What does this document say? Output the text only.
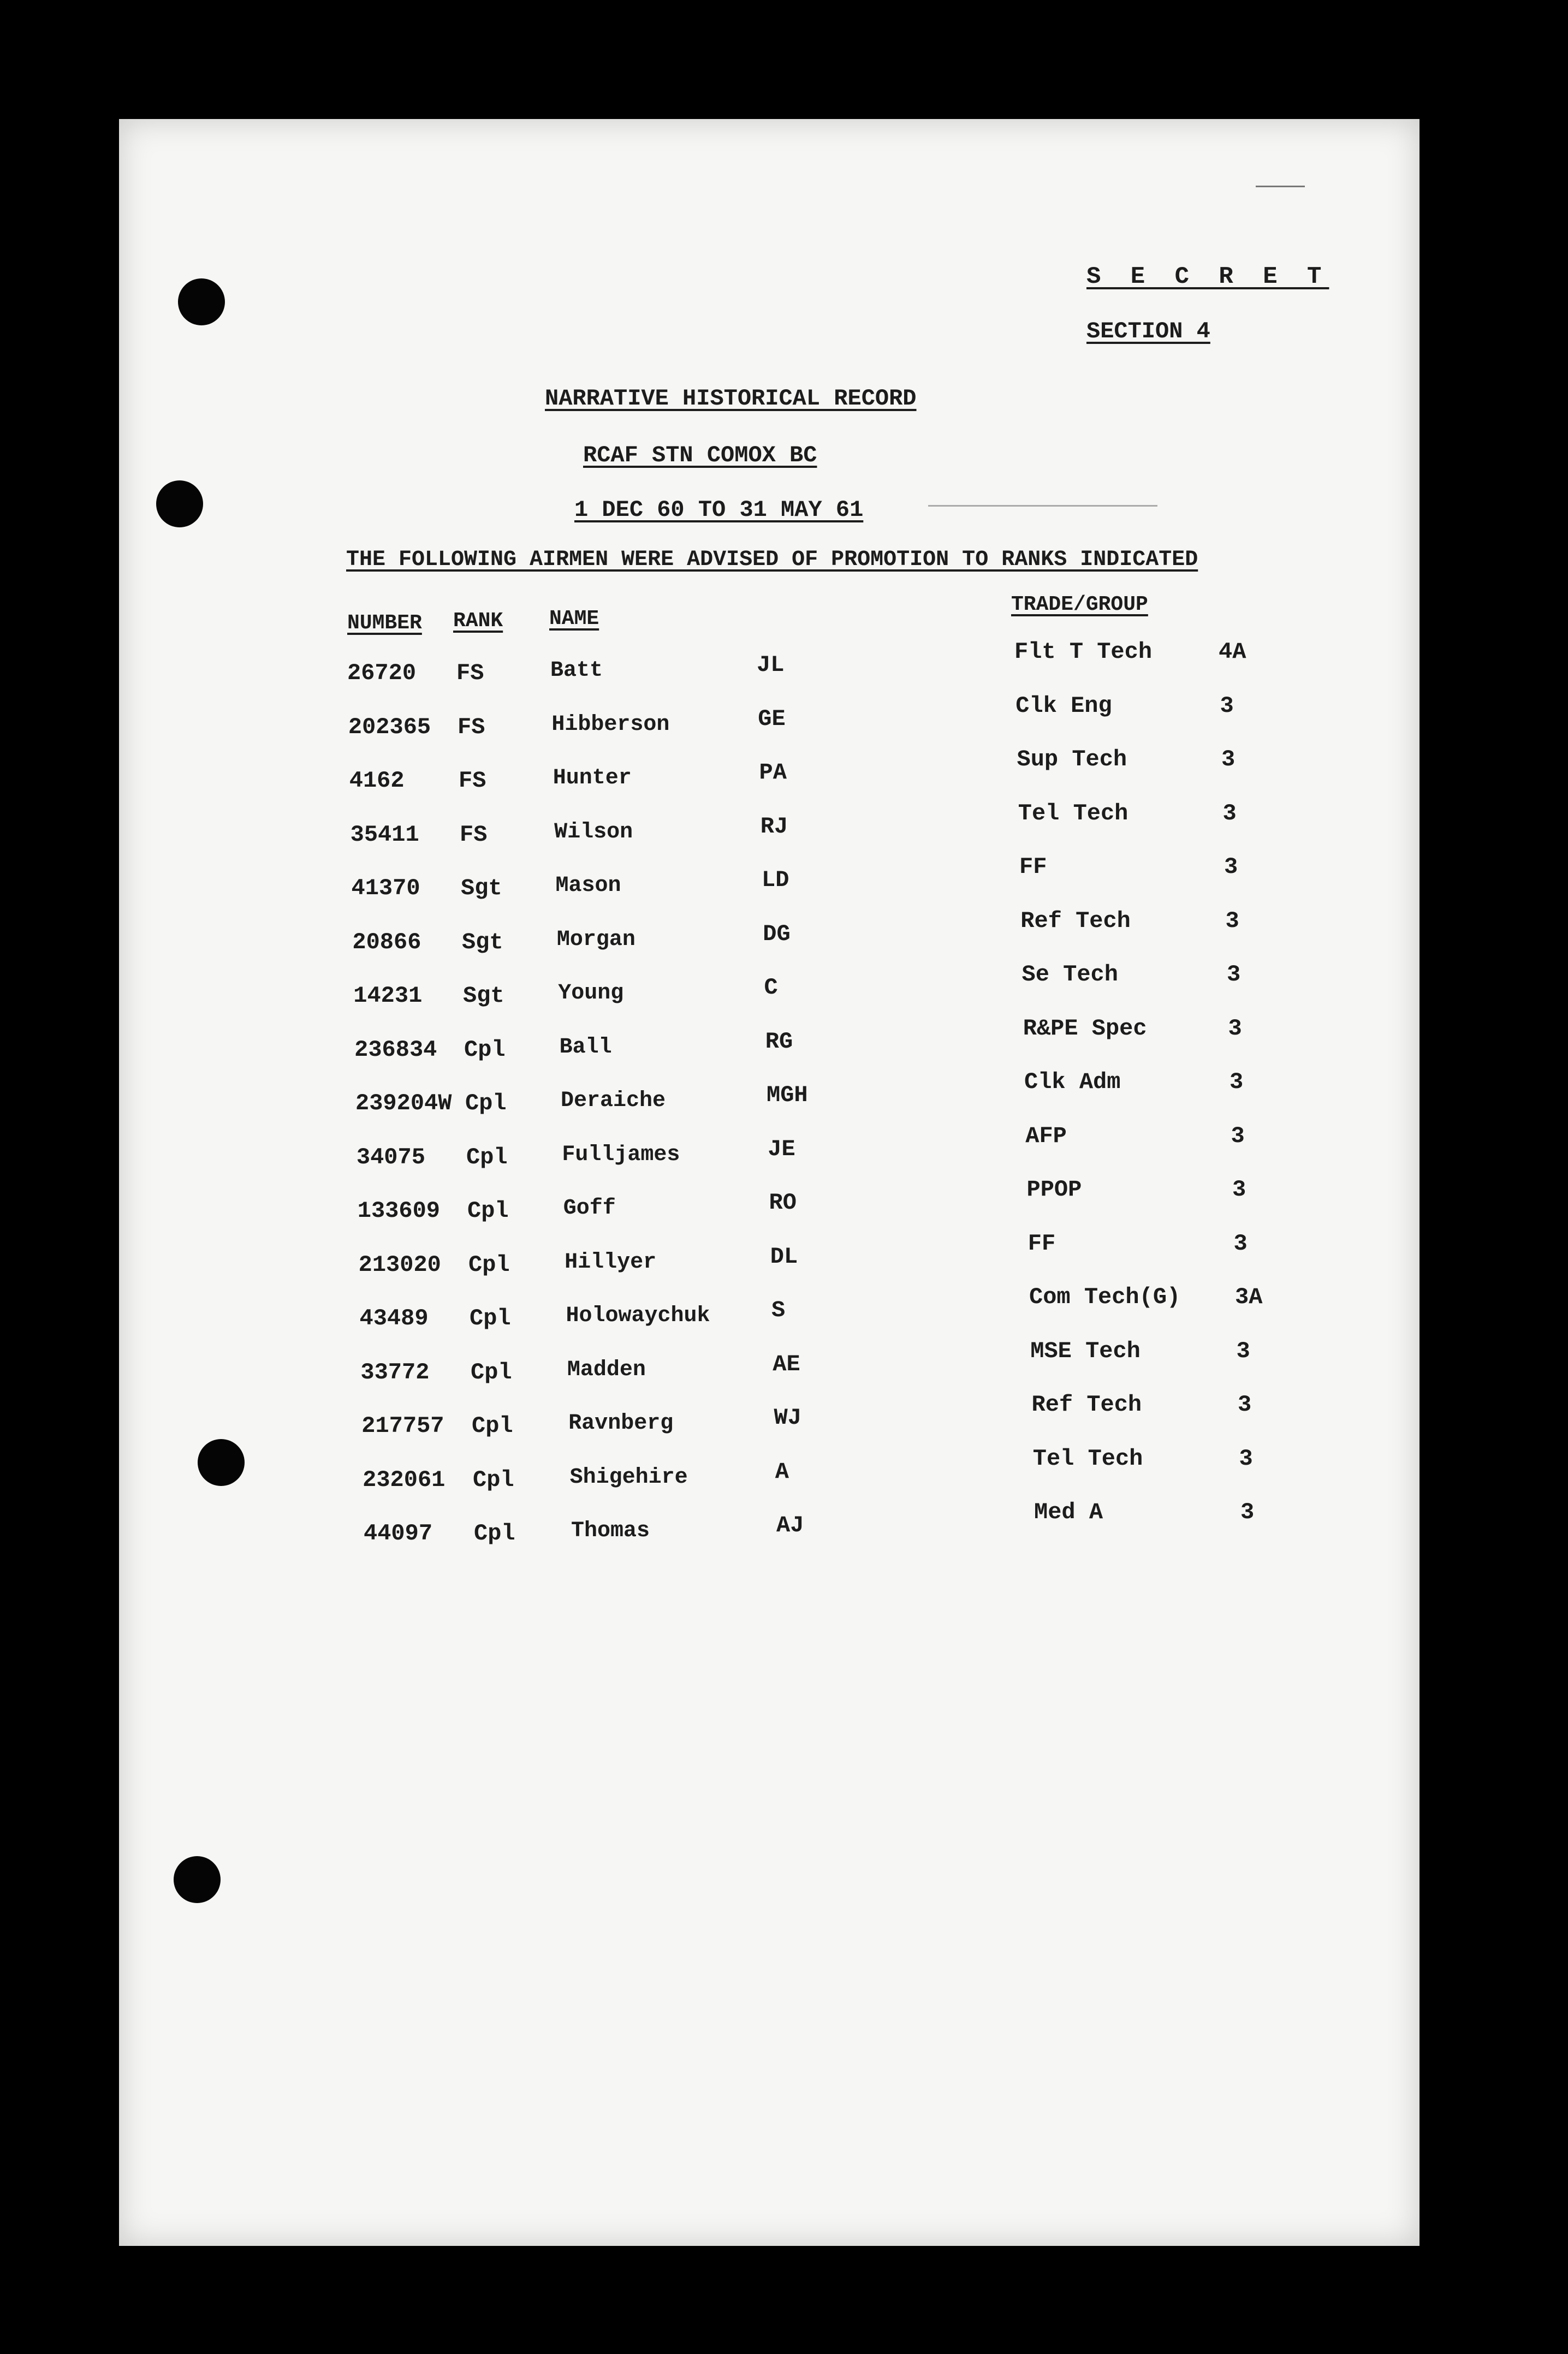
S E C R E T
SECTION 4
NARRATIVE HISTORICAL RECORD
RCAF STN COMOX BC
1 DEC 60 TO 31 MAY 61
THE FOLLOWING AIRMEN WERE ADVISED OF PROMOTION TO RANKS INDICATED
NUMBER RANK NAME
TRADE/GROUP
26720 FS	Batt	JL	Flt T Tech	4A
202365 FS	Hibberson	GE	Clk Eng	3
4162 FS	Hunter	PA	Sup Tech	3
35411 FS	Wilson	RJ	Tel Tech	3
41370 Sgt Mason	LD	FF	3
20866 Sgt Morgan	DG	Ref Tech	3
14231 Sgt Young	C	Se Tech	3
236834 Cpl Ball	RG	R&PE Spec	3
239204W Cpl Deraiche	MGH	Clk Adm	3
34075 Cpl Fulljames	JE	AFP	3
133609 Cpl	Goff	RO	PPOP	3
213020 Cpl	Hillyer	DL	FF	3
43489 Cpl	Holowaychuk	S	Com Tech(G) 3A
33772 Cpl	Madden	AE	MSE Tech	3
217757 Cpl	Ravnberg	WJ	Ref Tech	3
232061 Cpl	Shigehire	A	Tel Tech	3
44097 Cpl	Thomas	AJ	Med A	3
